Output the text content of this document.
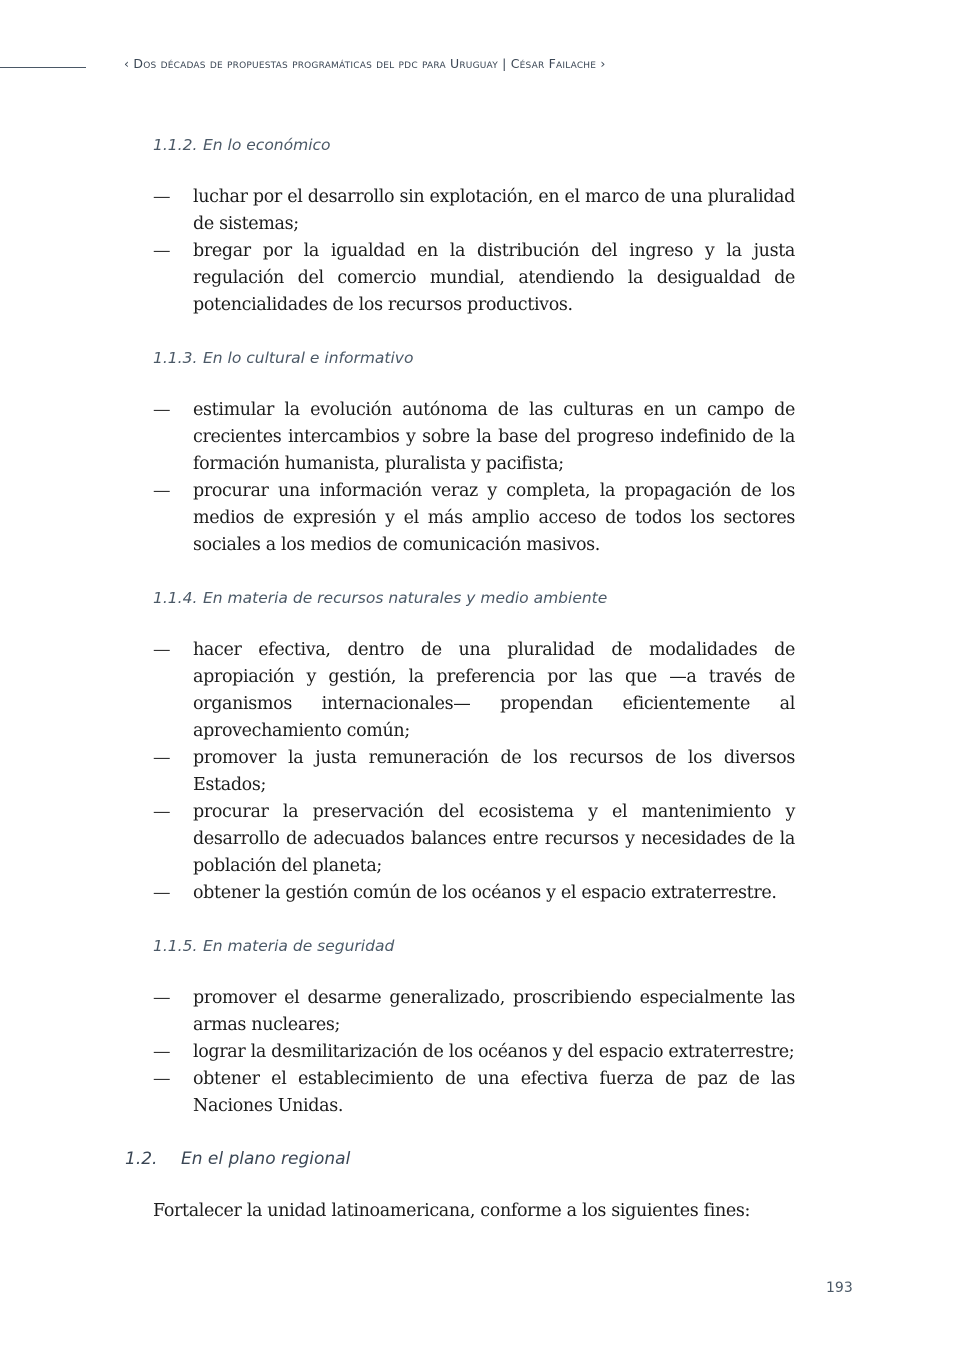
‹ Dos décadas de propuestas programáticas del pdc para Uruguay | César Failache ›
1.1.2. En lo económico
— luchar por el desarrollo sin explotación, en el marco de una pluralidad de sistemas;
— bregar por la igualdad en la distribución del ingreso y la justa regulación del comercio mundial, atendiendo la desigualdad de potencialidades de los recursos productivos.
1.1.3. En lo cultural e informativo
— estimular la evolución autónoma de las culturas en un campo de crecientes intercambios y sobre la base del progreso indefinido de la formación humanista, pluralista y pacifista;
— procurar una información veraz y completa, la propagación de los medios de expresión y el más amplio acceso de todos los sectores sociales a los medios de comunicación masivos.
1.1.4. En materia de recursos naturales y medio ambiente
— hacer efectiva, dentro de una pluralidad de modalidades de apropiación y gestión, la preferencia por las que —a través de organismos internacionales— propendan eficientemente al aprovechamiento común;
— promover la justa remuneración de los recursos de los diversos Estados;
— procurar la preservación del ecosistema y el mantenimiento y desarrollo de adecuados balances entre recursos y necesidades de la población del planeta;
— obtener la gestión común de los océanos y el espacio extraterrestre.
1.1.5. En materia de seguridad
— promover el desarme generalizado, proscribiendo especialmente las armas nucleares;
— lograr la desmilitarización de los océanos y del espacio extraterrestre;
— obtener el establecimiento de una efectiva fuerza de paz de las Naciones Unidas.
1.2. En el plano regional

Fortalecer la unidad latinoamericana, conforme a los siguientes fines:

193
